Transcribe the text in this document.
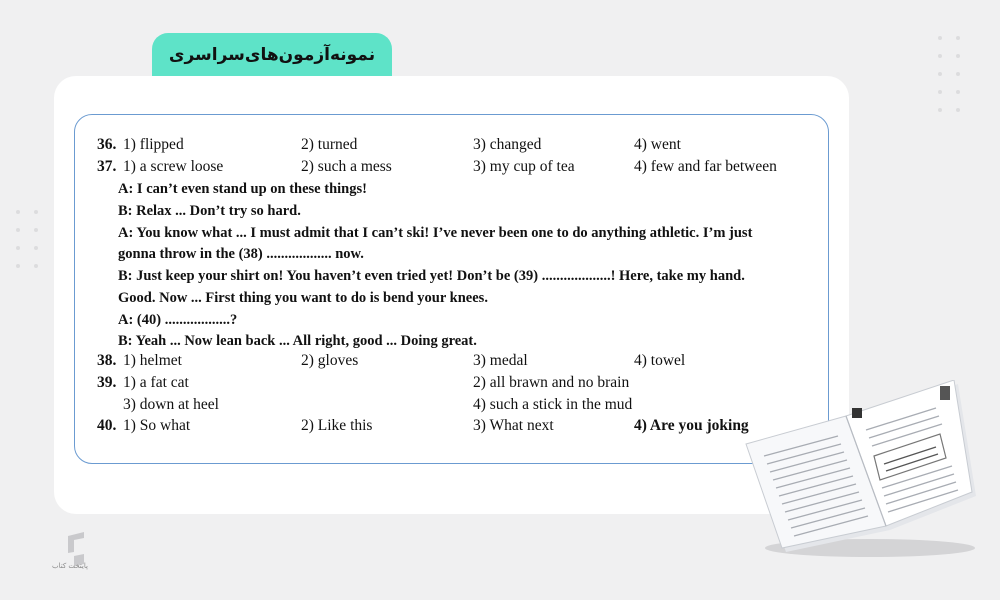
نمونه‌آزمون‌های‌سراسری
36. 1) flipped	2) turned	3) changed	4) went
37. 1) a screw loose	2) such a mess	3) my cup of tea	4) few and far between
A: I can’t even stand up on these things!
B: Relax ... Don’t try so hard.
A: You know what ... I must admit that I can’t ski! I’ve never been one to do anything athletic. I’m just
gonna throw in the (38) .................. now.
B: Just keep your shirt on! You haven’t even tried yet! Don’t be (39) ...................! Here, take my hand.
Good. Now ... First thing you want to do is bend your knees.
A: (40) ..................?
B: Yeah ... Now lean back ... All right, good ... Doing great.
38. 1) helmet	2) gloves	3) medal	4) towel
39. 1) a fat cat	2) all brawn and no brain
3) down at heel	4) such a stick in the mud
40. 1) So what	2) Like this	3) What next	4) Are you joking
پایتخت کتاب
